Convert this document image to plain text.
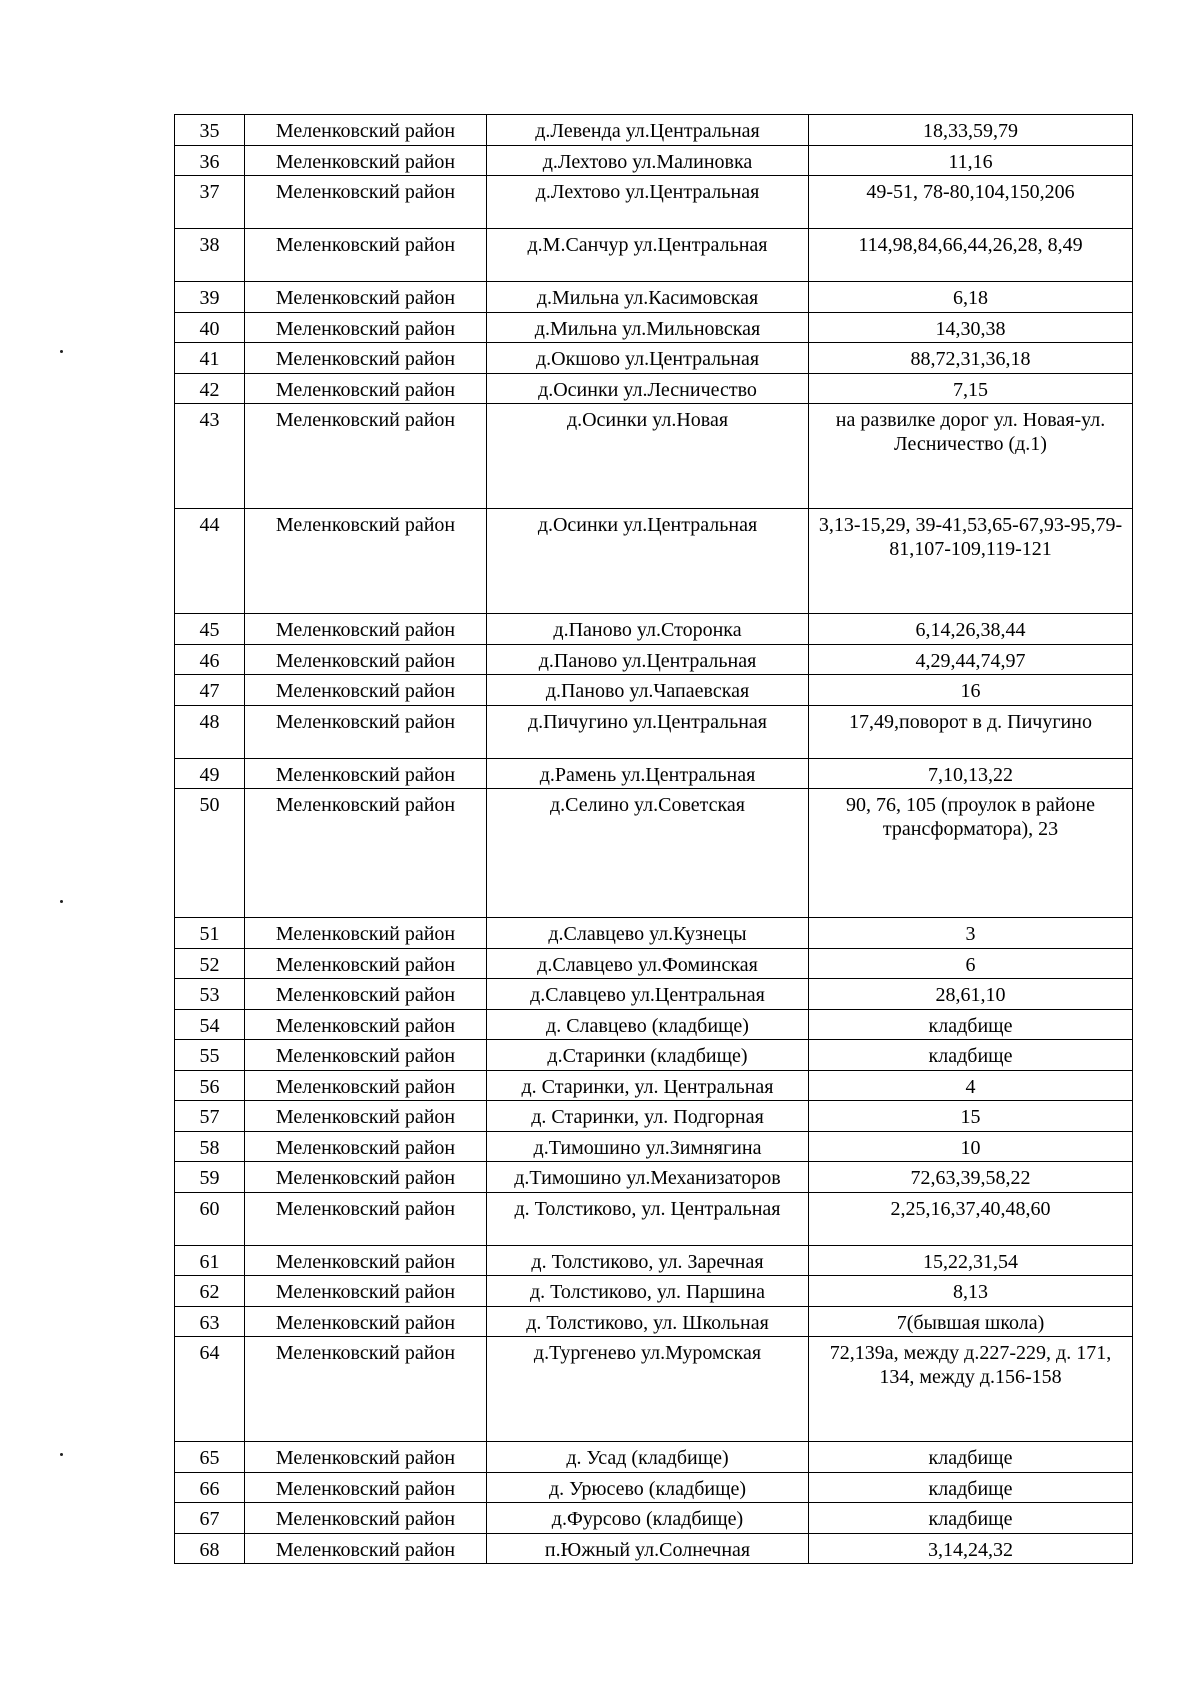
35	Меленковский район	д.Левенда ул.Центральная	18,33,59,79
36	Меленковский район	д.Лехтово ул.Малиновка	11,16
37	Меленковский район	д.Лехтово ул.Центральная	49-51, 78-80,104,150,206
38	Меленковский район	д.М.Санчур ул.Центральная	114,98,84,66,44,26,28, 8,49
39	Меленковский район	д.Мильна ул.Касимовская	6,18
40	Меленковский район	д.Мильна ул.Мильновская	14,30,38
41	Меленковский район	д.Окшово ул.Центральная	88,72,31,36,18
42	Меленковский район	д.Осинки ул.Лесничество	7,15
43	Меленковский район	д.Осинки ул.Новая	на развилке дорог ул. Новая-ул. Лесничество (д.1)
44	Меленковский район	д.Осинки ул.Центральная	3,13-15,29, 39-41,53,65-67,93-95,79-81,107-109,119-121
45	Меленковский район	д.Паново ул.Сторонка	6,14,26,38,44
46	Меленковский район	д.Паново ул.Центральная	4,29,44,74,97
47	Меленковский район	д.Паново ул.Чапаевская	16
48	Меленковский район	д.Пичугино ул.Центральная	17,49,поворот в д. Пичугино
49	Меленковский район	д.Рамень ул.Центральная	7,10,13,22
50	Меленковский район	д.Селино ул.Советская	90, 76, 105 (проулок в районе трансформатора), 23
51	Меленковский район	д.Славцево ул.Кузнецы	3
52	Меленковский район	д.Славцево ул.Фоминская	6
53	Меленковский район	д.Славцево ул.Центральная	28,61,10
54	Меленковский район	д. Славцево (кладбище)	кладбище
55	Меленковский район	д.Старинки (кладбище)	кладбище
56	Меленковский район	д. Старинки, ул. Центральная	4
57	Меленковский район	д. Старинки, ул. Подгорная	15
58	Меленковский район	д.Тимошино ул.Зимнягина	10
59	Меленковский район	д.Тимошино ул.Механизаторов	72,63,39,58,22
60	Меленковский район	д. Толстиково, ул. Центральная	2,25,16,37,40,48,60
61	Меленковский район	д. Толстиково, ул. Заречная	15,22,31,54
62	Меленковский район	д. Толстиково, ул. Паршина	8,13
63	Меленковский район	д. Толстиково, ул. Школьная	7(бывшая школа)
64	Меленковский район	д.Тургенево ул.Муромская	72,139а, между д.227-229, д. 171, 134, между д.156-158
65	Меленковский район	д. Усад (кладбище)	кладбище
66	Меленковский район	д. Урюсево (кладбище)	кладбище
67	Меленковский район	д.Фурсово (кладбище)	кладбище
68	Меленковский район	п.Южный ул.Солнечная	3,14,24,32
